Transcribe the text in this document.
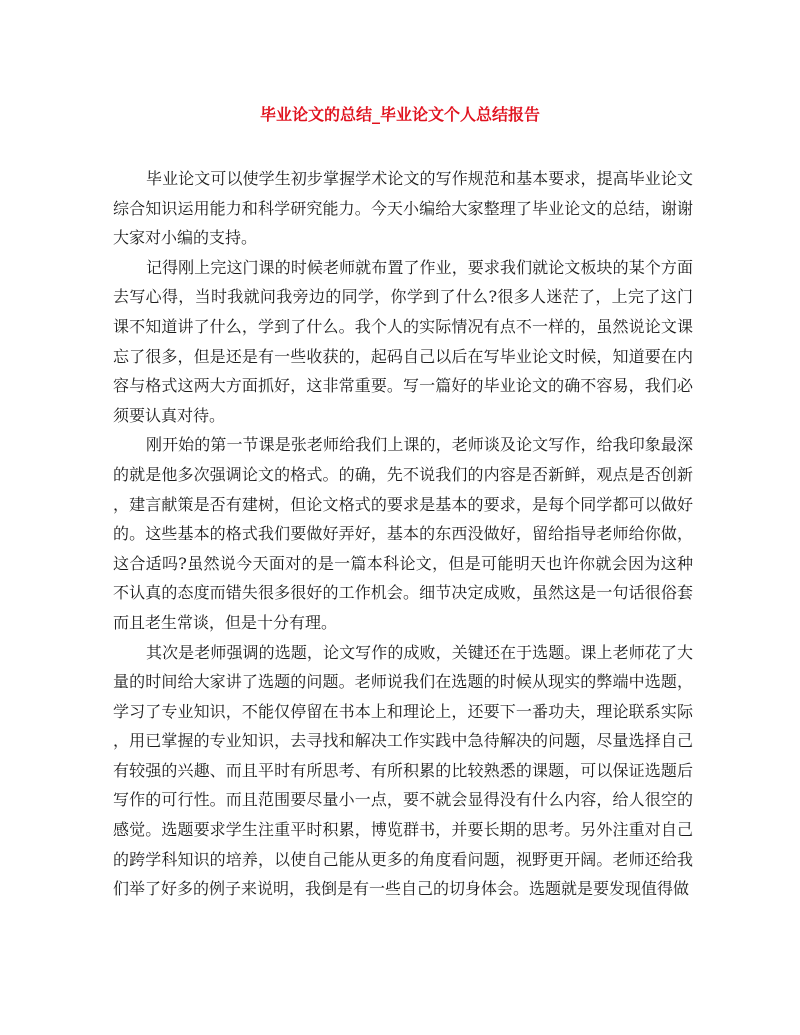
毕业论文的总结_毕业论文个人总结报告
毕业论文可以使学生初步掌握学术论文的写作规范和基本要求，提高毕业论文
综合知识运用能力和科学研究能力。今天小编给大家整理了毕业论文的总结，谢谢
大家对小编的支持。
记得刚上完这门课的时候老师就布置了作业，要求我们就论文板块的某个方面
去写心得，当时我就问我旁边的同学，你学到了什么?很多人迷茫了，上完了这门
课不知道讲了什么，学到了什么。我个人的实际情况有点不一样的，虽然说论文课
忘了很多，但是还是有一些收获的，起码自己以后在写毕业论文时候，知道要在内
容与格式这两大方面抓好，这非常重要。写一篇好的毕业论文的确不容易，我们必
须要认真对待。
刚开始的第一节课是张老师给我们上课的，老师谈及论文写作，给我印象最深
的就是他多次强调论文的格式。的确，先不说我们的内容是否新鲜，观点是否创新
，建言献策是否有建树，但论文格式的要求是基本的要求，是每个同学都可以做好
的。这些基本的格式我们要做好弄好，基本的东西没做好，留给指导老师给你做，
这合适吗?虽然说今天面对的是一篇本科论文，但是可能明天也许你就会因为这种
不认真的态度而错失很多很好的工作机会。细节决定成败，虽然这是一句话很俗套
而且老生常谈，但是十分有理。
其次是老师强调的选题，论文写作的成败，关键还在于选题。课上老师花了大
量的时间给大家讲了选题的问题。老师说我们在选题的时候从现实的弊端中选题，
学习了专业知识，不能仅停留在书本上和理论上，还要下一番功夫，理论联系实际
，用已掌握的专业知识，去寻找和解决工作实践中急待解决的问题，尽量选择自己
有较强的兴趣、而且平时有所思考、有所积累的比较熟悉的课题，可以保证选题后
写作的可行性。而且范围要尽量小一点，要不就会显得没有什么内容，给人很空的
感觉。选题要求学生注重平时积累，博览群书，并要长期的思考。另外注重对自己
的跨学科知识的培养，以使自己能从更多的角度看问题，视野更开阔。老师还给我
们举了好多的例子来说明，我倒是有一些自己的切身体会。选题就是要发现值得做
